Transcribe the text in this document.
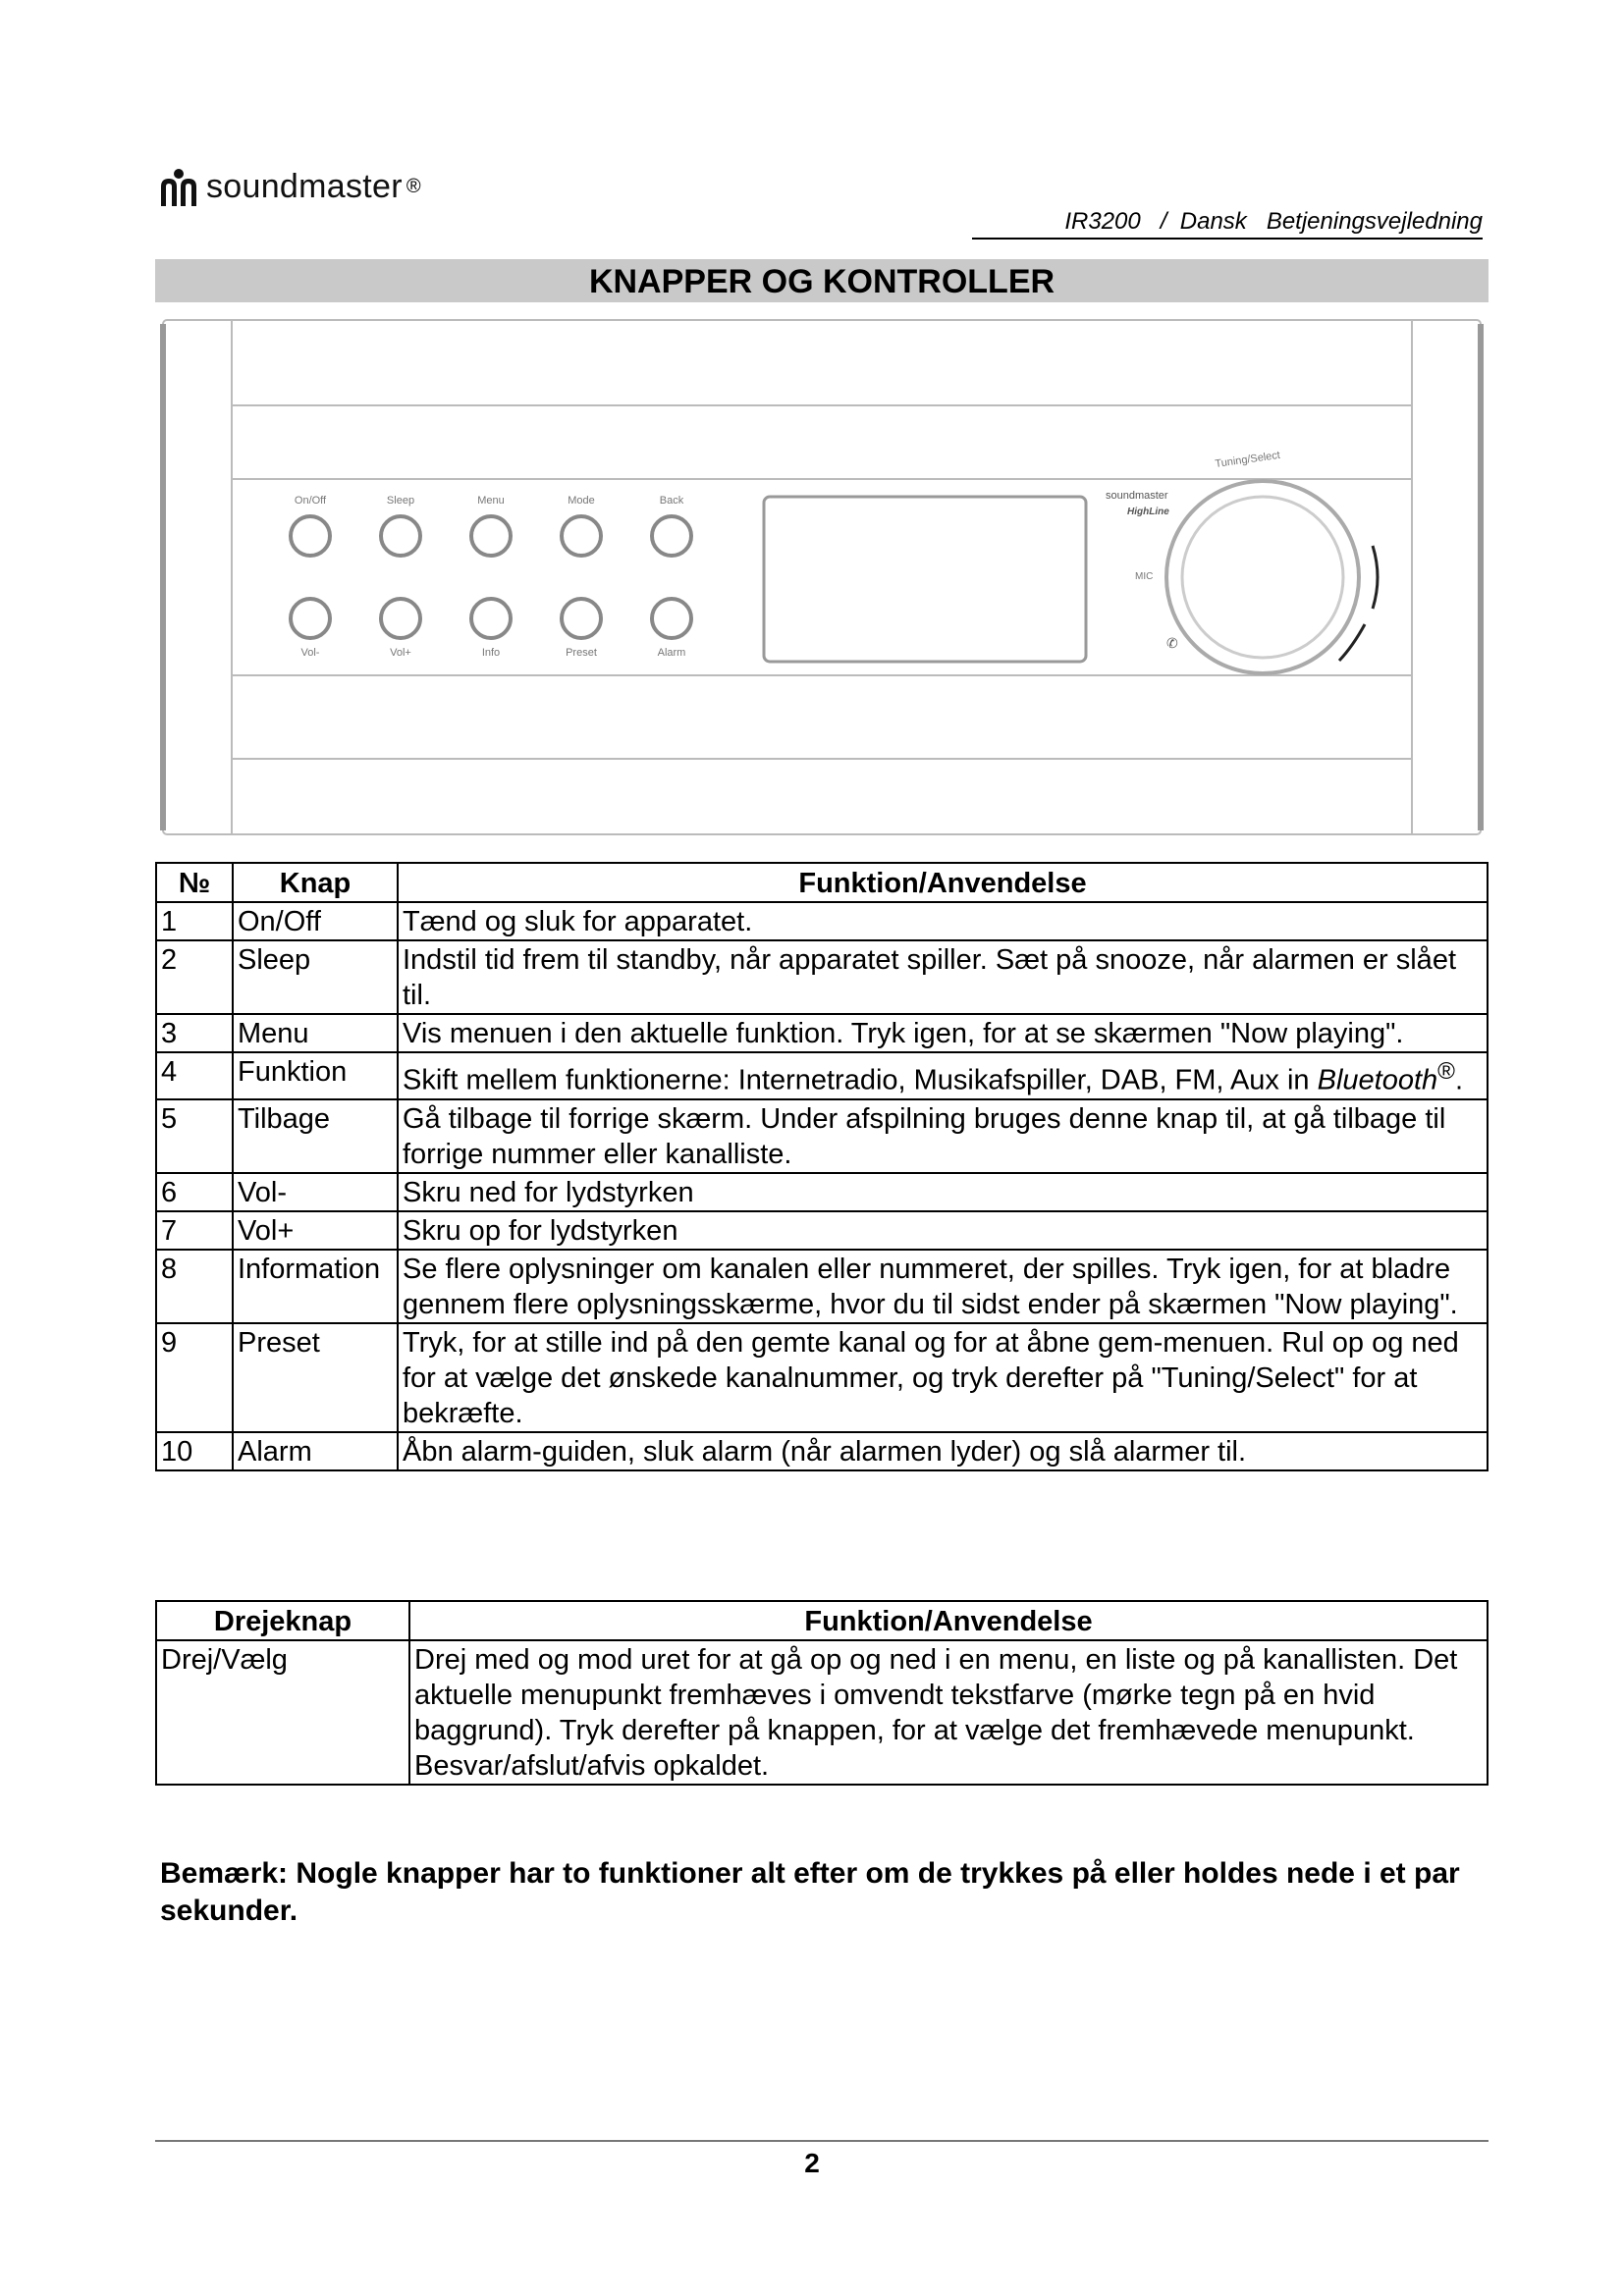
soundmaster ®
IR3200 / Dansk Betjeningsvejledning
KNAPPER OG KONTROLLER
On/Off	Sleep	Menu	Mode	Back
Vol-	Vol+	Info	Preset	Alarm
soundmaster
HighLine
MIC
✆
Tuning/Select
№	Knap	Funktion/Anvendelse
1	On/Off	Tænd og sluk for apparatet.
2	Sleep	Indstil tid frem til standby, når apparatet spiller. Sæt på snooze, når alarmen er slået til.
3	Menu	Vis menuen i den aktuelle funktion. Tryk igen, for at se skærmen "Now playing".
4	Funktion	Skift mellem funktionerne: Internetradio, Musikafspiller, DAB, FM, Aux in Bluetooth®.
5	Tilbage	Gå tilbage til forrige skærm. Under afspilning bruges denne knap til, at gå tilbage til forrige nummer eller kanalliste.
6	Vol-	Skru ned for lydstyrken
7	Vol+	Skru op for lydstyrken
8	Information	Se flere oplysninger om kanalen eller nummeret, der spilles. Tryk igen, for at bladre gennem flere oplysningsskærme, hvor du til sidst ender på skærmen "Now playing".
9	Preset	Tryk, for at stille ind på den gemte kanal og for at åbne gem-menuen. Rul op og ned for at vælge det ønskede kanalnummer, og tryk derefter på "Tuning/Select" for at bekræfte.
10	Alarm	Åbn alarm-guiden, sluk alarm (når alarmen lyder) og slå alarmer til.
Drejeknap	Funktion/Anvendelse
Drej/Vælg	Drej med og mod uret for at gå op og ned i en menu, en liste og på kanallisten. Det aktuelle menupunkt fremhæves i omvendt tekstfarve (mørke tegn på en hvid baggrund). Tryk derefter på knappen, for at vælge det fremhævede menupunkt.
Besvar/afslut/afvis opkaldet.
Bemærk: Nogle knapper har to funktioner alt efter om de trykkes på eller holdes nede i et par sekunder.
2
